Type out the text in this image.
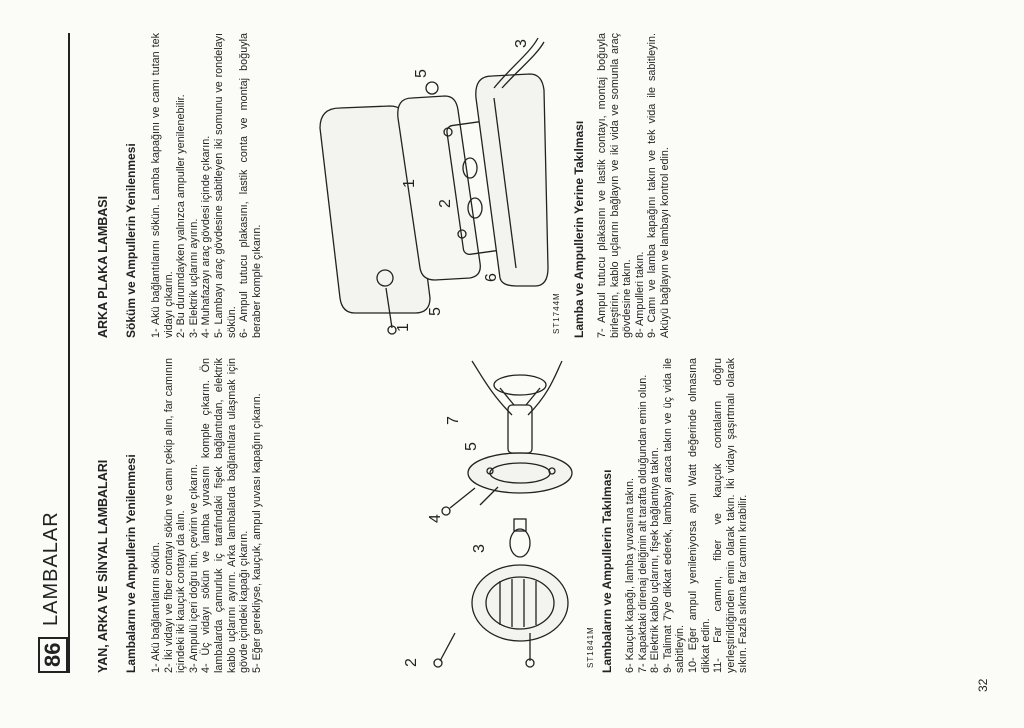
86
LAMBALAR	YAN, ARKA VE SİNYAL LAMBALARI Lambaların ve Ampullerin Yenilenmesi 1- Akü bağlantılarını sökün. 2- İki vidayı ve fiber contayı sökün ve camı çekip alın, far camının içindeki iki kauçuk contayı da alın. 3- Ampulü içeri doğru itin, çevirin ve çıkarın. 4- Üç vidayı sökün ve lamba yuvasını komple çıkarın. Ön lambalarda çamurluk iç tarafındaki fişek bağlantıdan, elektrik kablo uçlarını ayırın. Arka lambalarda bağlantılara ulaşmak için gövde içindeki kapağı çıkarın. 5- Eğer gerekliyse, kauçuk, ampul yuvası kapağını çıkarın.	2
3
4
5
7
ST1841M Lambaların ve Ampullerin Takılması 6- Kauçuk kapağı, lamba yuvasına takın. 7- Kapaktaki direnaj deliğinin alt tarafta olduğundan emin olun. 8- Elektrik kablo uçlarını, fişek bağlantıya takın. 9- Talimat 7'ye dikkat ederek, lambayı araca takın ve üç vida ile sabitleyin. 10- Eğer ampul yenileniyorsa aynı Watt değerinde olmasına dikkat edin. 11- Far camını, fiber ve kauçuk contaların doğru yerleştirildiğinden emin olarak takın. İki vidayı şaşırtmalı olarak sıkın. Fazla sıkma far camını kırabilir.
ARKA PLAKA LAMBASI Söküm ve Ampullerin Yenilenmesi 1- Akü bağlantılarını sökün. Lamba kapağını ve camı tutan tek vidayı çıkarın. 2- Bu durumdayken yalnızca ampuller yenilenebilir. 3- Elektrik uçlarını ayırın. 4- Muhafazayı araç gövdesi içinde çıkarın. 5- Lambayı araç gövdesine sabitleyen iki somunu ve rondelayı sökün. 6- Ampul tutucu plakasını, lastik conta ve montaj boğuyla beraber komple çıkarın.	1
1
2
3
5
5
6
ST1744M Lamba ve Ampullerin Yerine Takılması 7- Ampul tutucu plakasını ve lastik contayı, montaj boğuyla birleştirin, kablo uçlarını bağlayın ve iki vida ve somunla araç gövdesine takın. 8- Ampulleri takın. 9- Camı ve lamba kapağını takın ve tek vida ile sabitleyin. Aküyü bağlayın ve lambayı kontrol edin.
32
